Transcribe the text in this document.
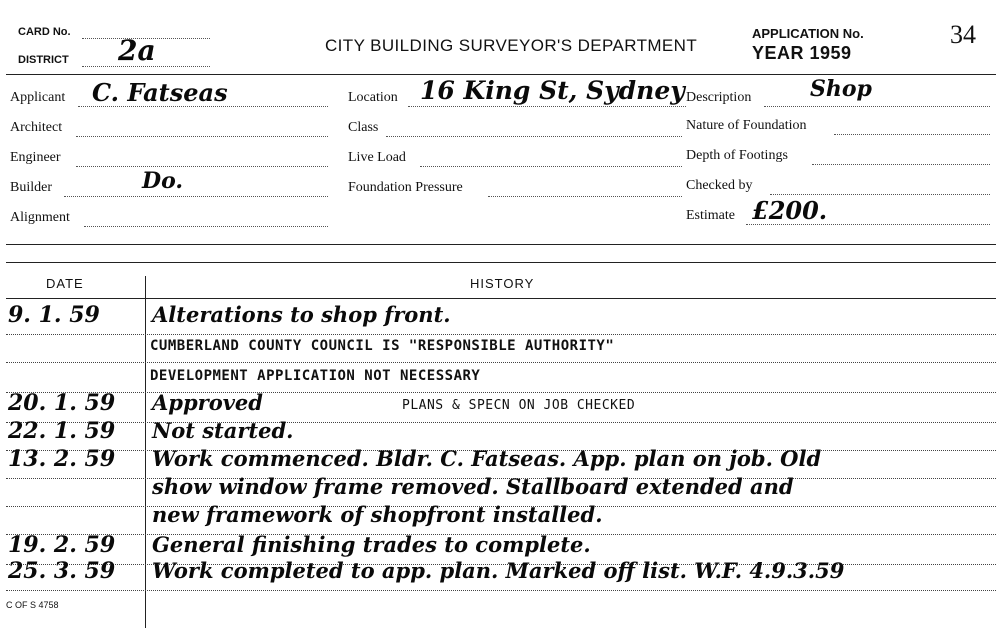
CARD No.
DISTRICT 2a	CITY BUILDING SURVEYOR'S DEPARTMENT
APPLICATION No.
YEAR 1959
34
Applicant C. Fatseas
Architect
Engineer
Builder	Do.
Alignment
Location 16 King St, Sydney
Class
Live Load
Foundation Pressure
Description	Shop
Nature of Foundation
Depth of Footings
Checked by
Estimate £200.
DATE	HISTORY
9. 1. 59 Alterations to shop front.
CUMBERLAND COUNTY COUNCIL IS "RESPONSIBLE AUTHORITY"
DEVELOPMENT APPLICATION NOT NECESSARY
20. 1. 59 Approved	PLANS & SPECN ON JOB CHECKED
22. 1. 59 Not started.
13. 2. 59 Work commenced. Bldr. C. Fatseas. App. plan on job. Old
show window frame removed. Stallboard extended and
new framework of shopfront installed.
19. 2. 59 General finishing trades to complete.
25. 3. 59 Work completed to app. plan. Marked off list. W.F. 4.9.3.59
C OF S 4758
